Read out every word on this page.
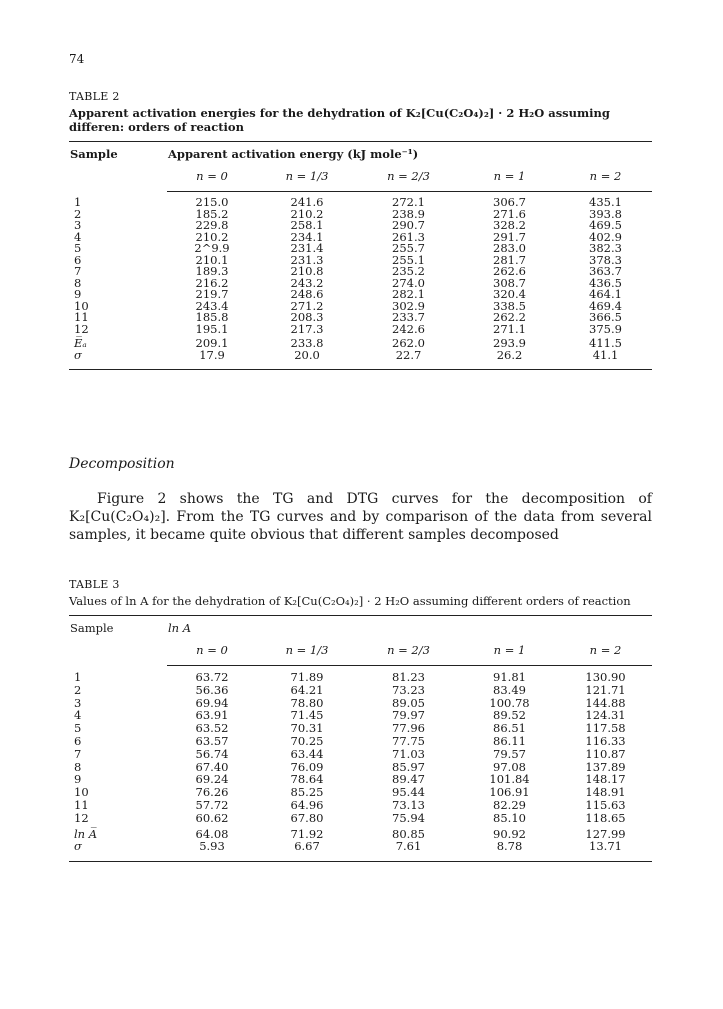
74
TABLE 2
Apparent activation energies for the dehydration of K₂[Cu(C₂O₄)₂] · 2 H₂O assuming differen: orders of reaction
Sample	Apparent activation energy (kJ mole⁻¹)				
	n = 0	n = 1/3	n = 2/3	n = 1	n = 2
1	215.0	241.6	272.1	306.7	435.1
2	185.2	210.2	238.9	271.6	393.8
3	229.8	258.1	290.7	328.2	469.5
4	210.2	234.1	261.3	291.7	402.9
5	2^9.9	231.4	255.7	283.0	382.3
6	210.1	231.3	255.1	281.7	378.3
7	189.3	210.8	235.2	262.6	363.7
8	216.2	243.2	274.0	308.7	436.5
9	219.7	248.6	282.1	320.4	464.1
10	243.4	271.2	302.9	338.5	469.4
11	185.8	208.3	233.7	262.2	366.5
12	195.1	217.3	242.6	271.1	375.9
E̅ₐ	209.1	233.8	262.0	293.9	411.5
σ	17.9	20.0	22.7	26.2	41.1
Decomposition
Figure 2 shows the TG and DTG curves for the decomposition of K₂[Cu(C₂O₄)₂]. From the TG curves and by comparison of the data from several samples, it became quite obvious that different samples decomposed
TABLE 3
Values of ln A for the dehydration of K₂[Cu(C₂O₄)₂] · 2 H₂O assuming different orders of reaction
Sample	ln A				
	n = 0	n = 1/3	n = 2/3	n = 1	n = 2
1	63.72	71.89	81.23	91.81	130.90
2	56.36	64.21	73.23	83.49	121.71
3	69.94	78.80	89.05	100.78	144.88
4	63.91	71.45	79.97	89.52	124.31
5	63.52	70.31	77.96	86.51	117.58
6	63.57	70.25	77.75	86.11	116.33
7	56.74	63.44	71.03	79.57	110.87
8	67.40	76.09	85.97	97.08	137.89
9	69.24	78.64	89.47	101.84	148.17
10	76.26	85.25	95.44	106.91	148.91
11	57.72	64.96	73.13	82.29	115.63
12	60.62	67.80	75.94	85.10	118.65
ln A̅	64.08	71.92	80.85	90.92	127.99
σ	5.93	6.67	7.61	8.78	13.71
